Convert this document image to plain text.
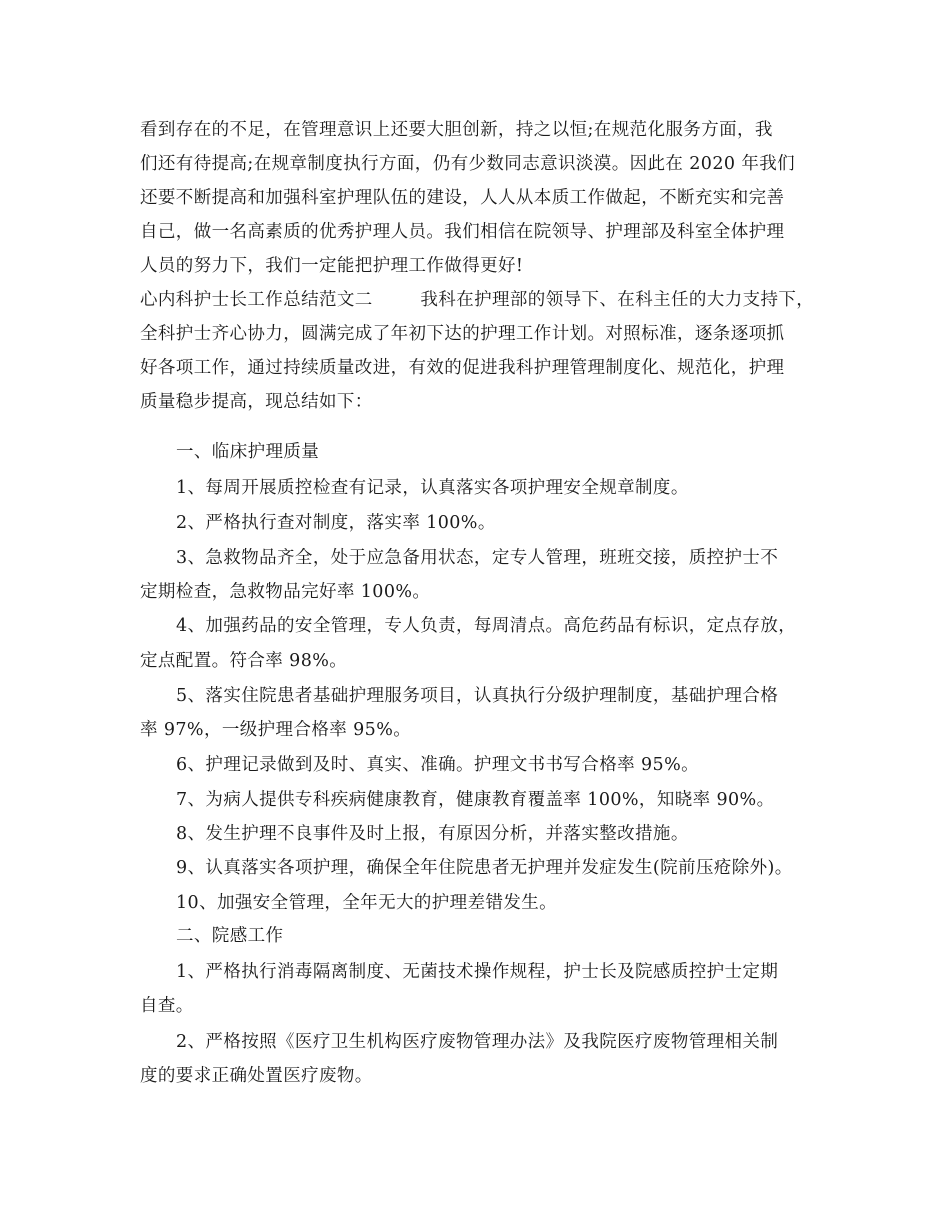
看到存在的不足，在管理意识上还要大胆创新，持之以恒;在规范化服务方面，我
们还有待提高;在规章制度执行方面，仍有少数同志意识淡漠。因此在 2020 年我们
还要不断提高和加强科室护理队伍的建设，人人从本质工作做起，不断充实和完善
自己，做一名高素质的优秀护理人员。我们相信在院领导、护理部及科室全体护理
人员的努力下，我们一定能把护理工作做得更好!
心内科护士长工作总结范文二        我科在护理部的领导下、在科主任的大力支持下，
全科护士齐心协力，圆满完成了年初下达的护理工作计划。对照标准，逐条逐项抓
好各项工作，通过持续质量改进，有效的促进我科护理管理制度化、规范化，护理
质量稳步提高，现总结如下：
一、临床护理质量
1、每周开展质控检查有记录，认真落实各项护理安全规章制度。
2、严格执行查对制度，落实率 100%。
3、急救物品齐全，处于应急备用状态，定专人管理，班班交接，质控护士不
定期检查，急救物品完好率 100%。
4、加强药品的安全管理，专人负责，每周清点。高危药品有标识，定点存放，
定点配置。符合率 98%。
5、落实住院患者基础护理服务项目，认真执行分级护理制度，基础护理合格
率 97%，一级护理合格率 95%。
6、护理记录做到及时、真实、准确。护理文书书写合格率 95%。
7、为病人提供专科疾病健康教育，健康教育覆盖率 100%，知晓率 90%。
8、发生护理不良事件及时上报，有原因分析，并落实整改措施。
9、认真落实各项护理，确保全年住院患者无护理并发症发生(院前压疮除外)。
10、加强安全管理，全年无大的护理差错发生。
二、院感工作
1、严格执行消毒隔离制度、无菌技术操作规程，护士长及院感质控护士定期
自查。
2、严格按照《医疗卫生机构医疗废物管理办法》及我院医疗废物管理相关制
度的要求正确处置医疗废物。
